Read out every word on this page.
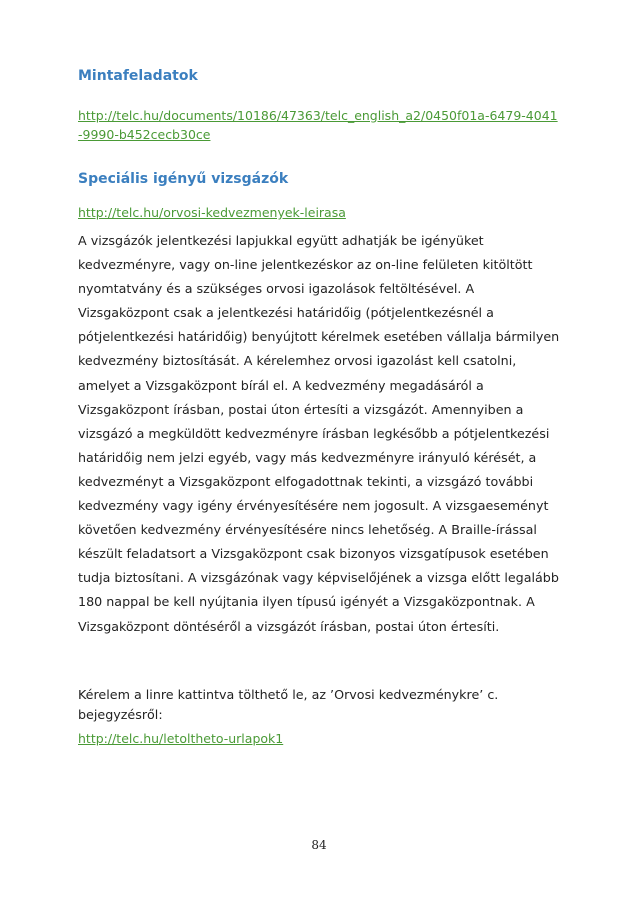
Mintafeladatok
http://telc.hu/documents/10186/47363/telc_english_a2/0450f01a-6479-4041-9990-b452cecb30ce
Speciális igényű vizsgázók
http://telc.hu/orvosi-kedvezmenyek-leirasa

A vizsgázók jelentkezési lapjukkal együtt adhatják be igényüket kedvezményre, vagy on-line jelentkezéskor az on-line felületen kitöltött nyomtatvány és a szükséges orvosi igazolások feltöltésével. A Vizsgaközpont csak a jelentkezési határidőig (pótjelentkezésnél a pótjelentkezési határidőig) benyújtott kérelmek esetében vállalja bármilyen kedvezmény biztosítását. A kérelemhez orvosi igazolást kell csatolni, amelyet a Vizsgaközpont bírál el. A kedvezmény megadásáról a Vizsgaközpont írásban, postai úton értesíti a vizsgázót. Amennyiben a vizsgázó a megküldött kedvezményre írásban legkésőbb a pótjelentkezési határidőig nem jelzi egyéb, vagy más kedvezményre irányuló kérését, a kedvezményt a Vizsgaközpont elfogadottnak tekinti, a vizsgázó további kedvezmény vagy igény érvényesítésére nem jogosult. A vizsgaeseményt követően kedvezmény érvényesítésére nincs lehetőség. A Braille-írással készült feladatsort a Vizsgaközpont csak bizonyos vizsgatípusok esetében tudja biztosítani. A vizsgázónak vagy képviselőjének a vizsga előtt legalább 180 nappal be kell nyújtania ilyen típusú igényét a Vizsgaközpontnak. A Vizsgaközpont döntéséről a vizsgázót írásban, postai úton értesíti.

Kérelem a linre kattintva tölthető le, az ’Orvosi kedvezménykre’ c. bejegyzésről:

http://telc.hu/letoltheto-urlapok1
84
